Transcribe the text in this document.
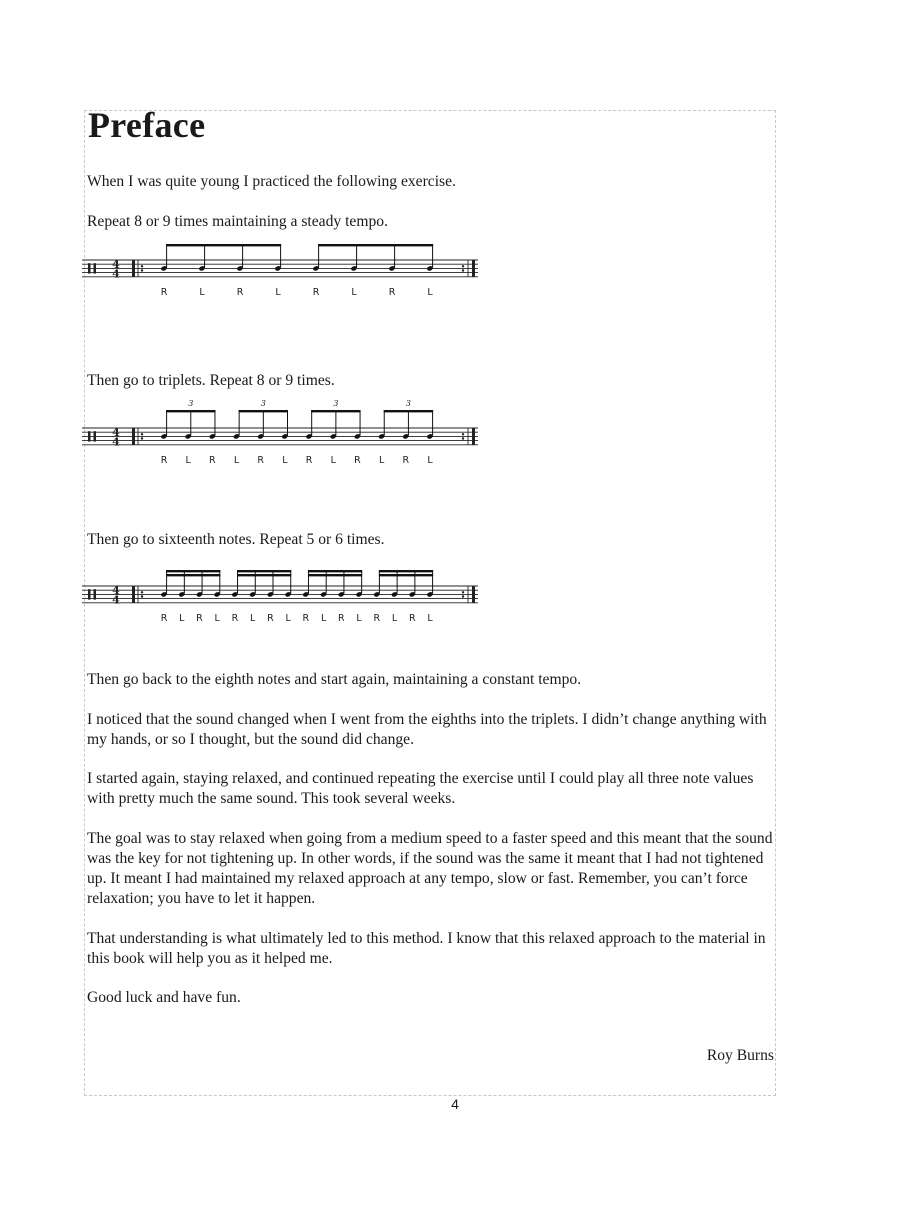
Preface

When I was quite young I practiced the following exercise.

Repeat 8 or 9 times maintaining a steady tempo.

4
4
R	L	R	L	R	L	R	L

Then go to triplets. Repeat 8 or 9 times.

4
4
3	3	3	3
R L R L R L R L R L R L

Then go to sixteenth notes. Repeat 5 or 6 times.

4
4
R L R L R L R L R L R L R L R L

Then go back to the eighth notes and start again, maintaining a constant tempo.

I noticed that the sound changed when I went from the eighths into the triplets. I didn’t change anything with my hands, or so I thought, but the sound did change.

I started again, staying relaxed, and continued repeating the exercise until I could play all three note values with pretty much the same sound. This took several weeks.

The goal was to stay relaxed when going from a medium speed to a faster speed and this meant that the sound was the key for not tightening up. In other words, if the sound was the same it meant that I had not tightened up. It meant I had maintained my relaxed approach at any tempo, slow or fast. Remember, you can’t force relaxation; you have to let it happen.

That understanding is what ultimately led to this method. I know that this relaxed approach to the material in this book will help you as it helped me.

Good luck and have fun.

Roy Burns

4
